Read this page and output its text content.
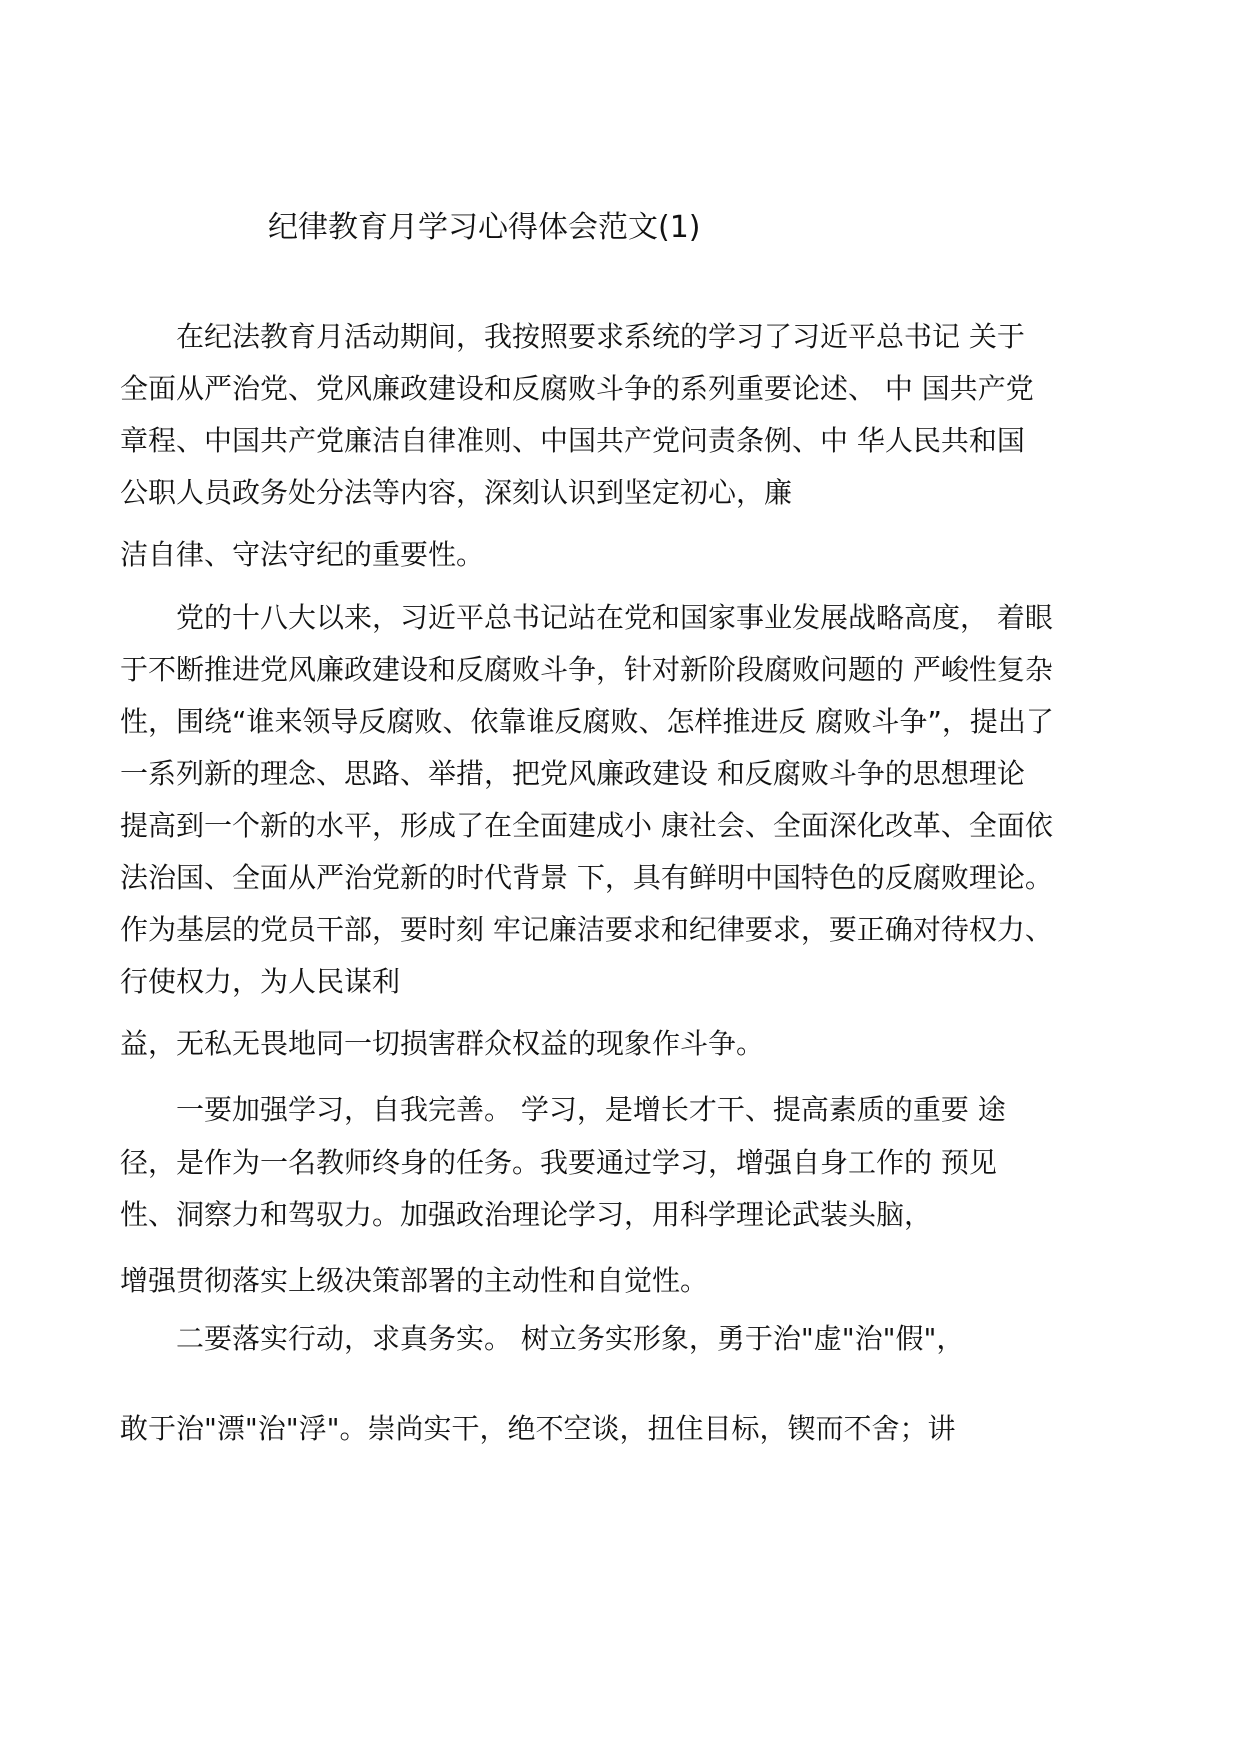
纪律教育月学习心得体会范文(1)
　　在纪法教育月活动期间，我按照要求系统的学习了习近平总书记 关于
全面从严治党、党风廉政建设和反腐败斗争的系列重要论述、 中 国共产党
章程、中国共产党廉洁自律准则、中国共产党问责条例、中 华人民共和国
公职人员政务处分法等内容，深刻认识到坚定初心，廉
洁自律、守法守纪的重要性。
　　党的十八大以来，习近平总书记站在党和国家事业发展战略高度， 着眼
于不断推进党风廉政建设和反腐败斗争，针对新阶段腐败问题的 严峻性复杂
性，围绕“谁来领导反腐败、依靠谁反腐败、怎样推进反 腐败斗争”，提出了
一系列新的理念、思路、举措，把党风廉政建设 和反腐败斗争的思想理论
提高到一个新的水平，形成了在全面建成小 康社会、全面深化改革、全面依
法治国、全面从严治党新的时代背景 下，具有鲜明中国特色的反腐败理论。
作为基层的党员干部，要时刻 牢记廉洁要求和纪律要求，要正确对待权力、
行使权力，为人民谋利
益，无私无畏地同一切损害群众权益的现象作斗争。
　　一要加强学习，自我完善。 学习，是增长才干、提高素质的重要 途
径，是作为一名教师终身的任务。我要通过学习，增强自身工作的 预见
性、洞察力和驾驭力。加强政治理论学习，用科学理论武装头脑，
增强贯彻落实上级决策部署的主动性和自觉性。
　　二要落实行动，求真务实。 树立务实形象，勇于治"虚"治"假"，
敢于治"漂"治"浮"。崇尚实干，绝不空谈，扭住目标，锲而不舍；讲
